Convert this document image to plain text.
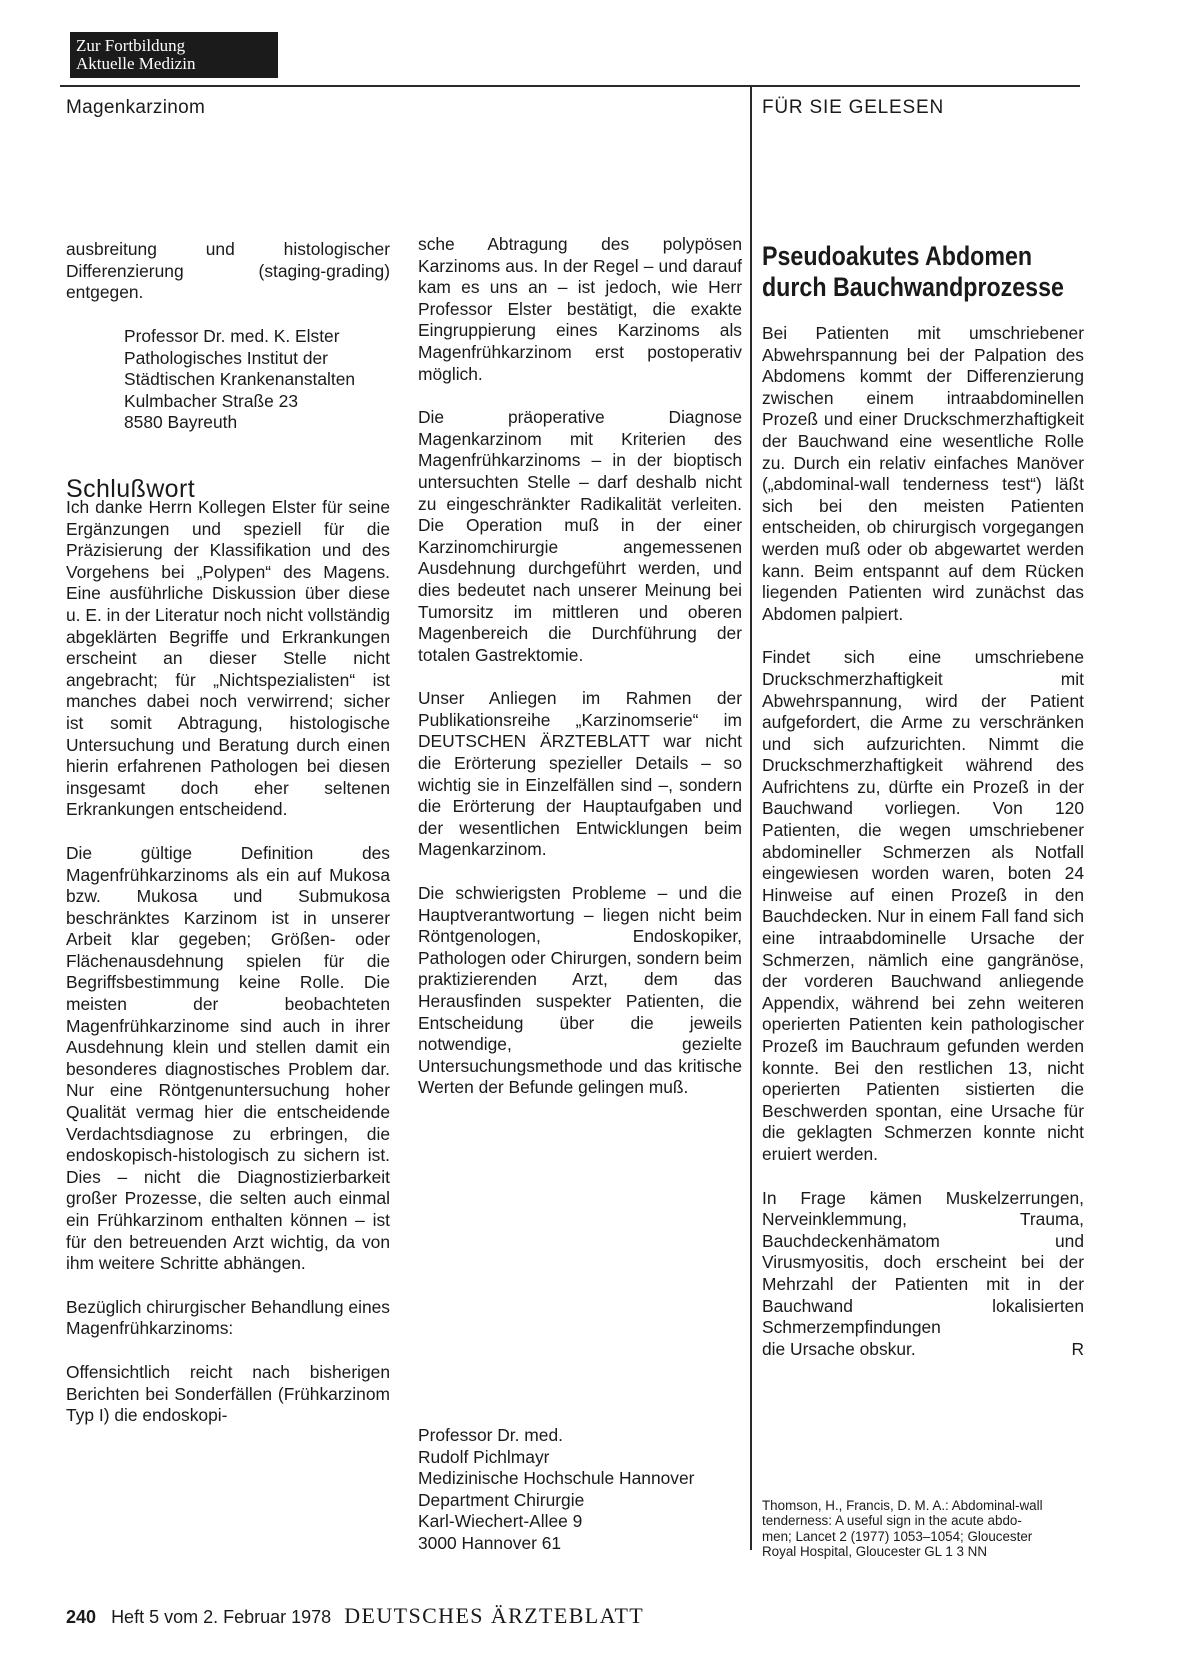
Zur Fortbildung
Aktuelle Medizin
Magenkarzinom	FÜR SIE GELESEN

ausbreitung und histologischer Differenzierung (staging-grading) entgegen.

Professor Dr. med. K. Elster
Pathologisches Institut der
Städtischen Krankenanstalten
Kulmbacher Straße 23
8580 Bayreuth
Schlußwort

Ich danke Herrn Kollegen Elster für seine Ergänzungen und speziell für die Präzisierung der Klassifikation und des Vorgehens bei „Polypen“ des Magens. Eine ausführliche Diskussion über diese u. E. in der Literatur noch nicht vollständig abgeklärten Begriffe und Erkrankungen erscheint an dieser Stelle nicht angebracht; für „Nichtspezialisten“ ist manches dabei noch verwirrend; sicher ist somit Abtragung, histologische Untersuchung und Beratung durch einen hierin erfahrenen Pathologen bei diesen insgesamt doch eher seltenen Erkrankungen entscheidend.

Die gültige Definition des Magenfrühkarzinoms als ein auf Mukosa bzw. Mukosa und Submukosa beschränktes Karzinom ist in unserer Arbeit klar gegeben; Größen- oder Flächenausdehnung spielen für die Begriffsbestimmung keine Rolle. Die meisten der beobachteten Magenfrühkarzinome sind auch in ihrer Ausdehnung klein und stellen damit ein besonderes diagnostisches Problem dar. Nur eine Röntgenuntersuchung hoher Qualität vermag hier die entscheidende Verdachtsdiagnose zu erbringen, die endoskopisch-histologisch zu sichern ist. Dies – nicht die Diagnostizierbarkeit großer Prozesse, die selten auch einmal ein Frühkarzinom enthalten können – ist für den betreuenden Arzt wichtig, da von ihm weitere Schritte abhängen.

Bezüglich chirurgischer Behandlung eines Magenfrühkarzinoms:

Offensichtlich reicht nach bisherigen Berichten bei Sonderfällen (Frühkarzinom Typ I) die endoskopi-

sche Abtragung des polypösen Karzinoms aus. In der Regel – und darauf kam es uns an – ist jedoch, wie Herr Professor Elster bestätigt, die exakte Eingruppierung eines Karzinoms als Magenfrühkarzinom erst postoperativ möglich.

Die präoperative Diagnose Magenkarzinom mit Kriterien des Magenfrühkarzinoms – in der bioptisch untersuchten Stelle – darf deshalb nicht zu eingeschränkter Radikalität verleiten. Die Operation muß in der einer Karzinomchirurgie angemessenen Ausdehnung durchgeführt werden, und dies bedeutet nach unserer Meinung bei Tumorsitz im mittleren und oberen Magenbereich die Durchführung der totalen Gastrektomie.

Unser Anliegen im Rahmen der Publikationsreihe „Karzinomserie“ im DEUTSCHEN ÄRZTEBLATT war nicht die Erörterung spezieller Details – so wichtig sie in Einzelfällen sind –, sondern die Erörterung der Hauptaufgaben und der wesentlichen Entwicklungen beim Magenkarzinom.

Die schwierigsten Probleme – und die Hauptverantwortung – liegen nicht beim Röntgenologen, Endoskopiker, Pathologen oder Chirurgen, sondern beim praktizierenden Arzt, dem das Herausfinden suspekter Patienten, die Entscheidung über die jeweils notwendige, gezielte Untersuchungsmethode und das kritische Werten der Befunde gelingen muß.

Professor Dr. med.
Rudolf Pichlmayr
Medizinische Hochschule Hannover
Department Chirurgie
Karl-Wiechert-Allee 9
3000 Hannover 61
Pseudoakutes Abdomen
durch Bauchwandprozesse

Bei Patienten mit umschriebener Abwehrspannung bei der Palpation des Abdomens kommt der Differenzierung zwischen einem intraabdominellen Prozeß und einer Druckschmerzhaftigkeit der Bauchwand eine wesentliche Rolle zu. Durch ein relativ einfaches Manöver („abdominal-wall tenderness test“) läßt sich bei den meisten Patienten entscheiden, ob chirurgisch vorgegangen werden muß oder ob abgewartet werden kann. Beim entspannt auf dem Rücken liegenden Patienten wird zunächst das Abdomen palpiert.

Findet sich eine umschriebene Druckschmerzhaftigkeit mit Abwehrspannung, wird der Patient aufgefordert, die Arme zu verschränken und sich aufzurichten. Nimmt die Druckschmerzhaftigkeit während des Aufrichtens zu, dürfte ein Prozeß in der Bauchwand vorliegen. Von 120 Patienten, die wegen umschriebener abdomineller Schmerzen als Notfall eingewiesen worden waren, boten 24 Hinweise auf einen Prozeß in den Bauchdecken. Nur in einem Fall fand sich eine intraabdominelle Ursache der Schmerzen, nämlich eine gangränöse, der vorderen Bauchwand anliegende Appendix, während bei zehn weiteren operierten Patienten kein pathologischer Prozeß im Bauchraum gefunden werden konnte. Bei den restlichen 13, nicht operierten Patienten sistierten die Beschwerden spontan, eine Ursache für die geklagten Schmerzen konnte nicht eruiert werden.

In Frage kämen Muskelzerrungen, Nerveinklemmung, Trauma, Bauchdeckenhämatom und Virusmyositis, doch erscheint bei der Mehrzahl der Patienten mit in der Bauchwand lokalisierten Schmerzempfindungen

die Ursache obskur.	R
Thomson, H., Francis, D. M. A.: Abdominal-wall
tenderness: A useful sign in the acute abdo-
men; Lancet 2 (1977) 1053–1054; Gloucester
Royal Hospital, Gloucester GL 1 3 NN
240 Heft 5 vom 2. Februar 1978 DEUTSCHES ÄRZTEBLATT
